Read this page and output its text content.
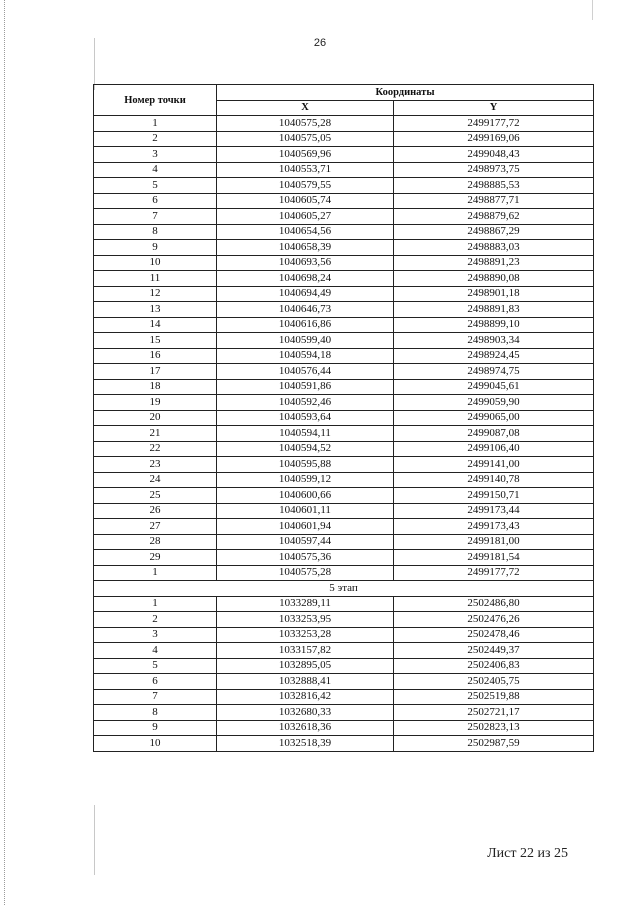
26
Номер точки	Координаты	
	X	Y
1	1040575,28	2499177,72
2	1040575,05	2499169,06
3	1040569,96	2499048,43
4	1040553,71	2498973,75
5	1040579,55	2498885,53
6	1040605,74	2498877,71
7	1040605,27	2498879,62
8	1040654,56	2498867,29
9	1040658,39	2498883,03
10	1040693,56	2498891,23
11	1040698,24	2498890,08
12	1040694,49	2498901,18
13	1040646,73	2498891,83
14	1040616,86	2498899,10
15	1040599,40	2498903,34
16	1040594,18	2498924,45
17	1040576,44	2498974,75
18	1040591,86	2499045,61
19	1040592,46	2499059,90
20	1040593,64	2499065,00
21	1040594,11	2499087,08
22	1040594,52	2499106,40
23	1040595,88	2499141,00
24	1040599,12	2499140,78
25	1040600,66	2499150,71
26	1040601,11	2499173,44
27	1040601,94	2499173,43
28	1040597,44	2499181,00
29	1040575,36	2499181,54
1	1040575,28	2499177,72
5 этап		
1	1033289,11	2502486,80
2	1033253,95	2502476,26
3	1033253,28	2502478,46
4	1033157,82	2502449,37
5	1032895,05	2502406,83
6	1032888,41	2502405,75
7	1032816,42	2502519,88
8	1032680,33	2502721,17
9	1032618,36	2502823,13
10	1032518,39	2502987,59
Лист 22 из 25
